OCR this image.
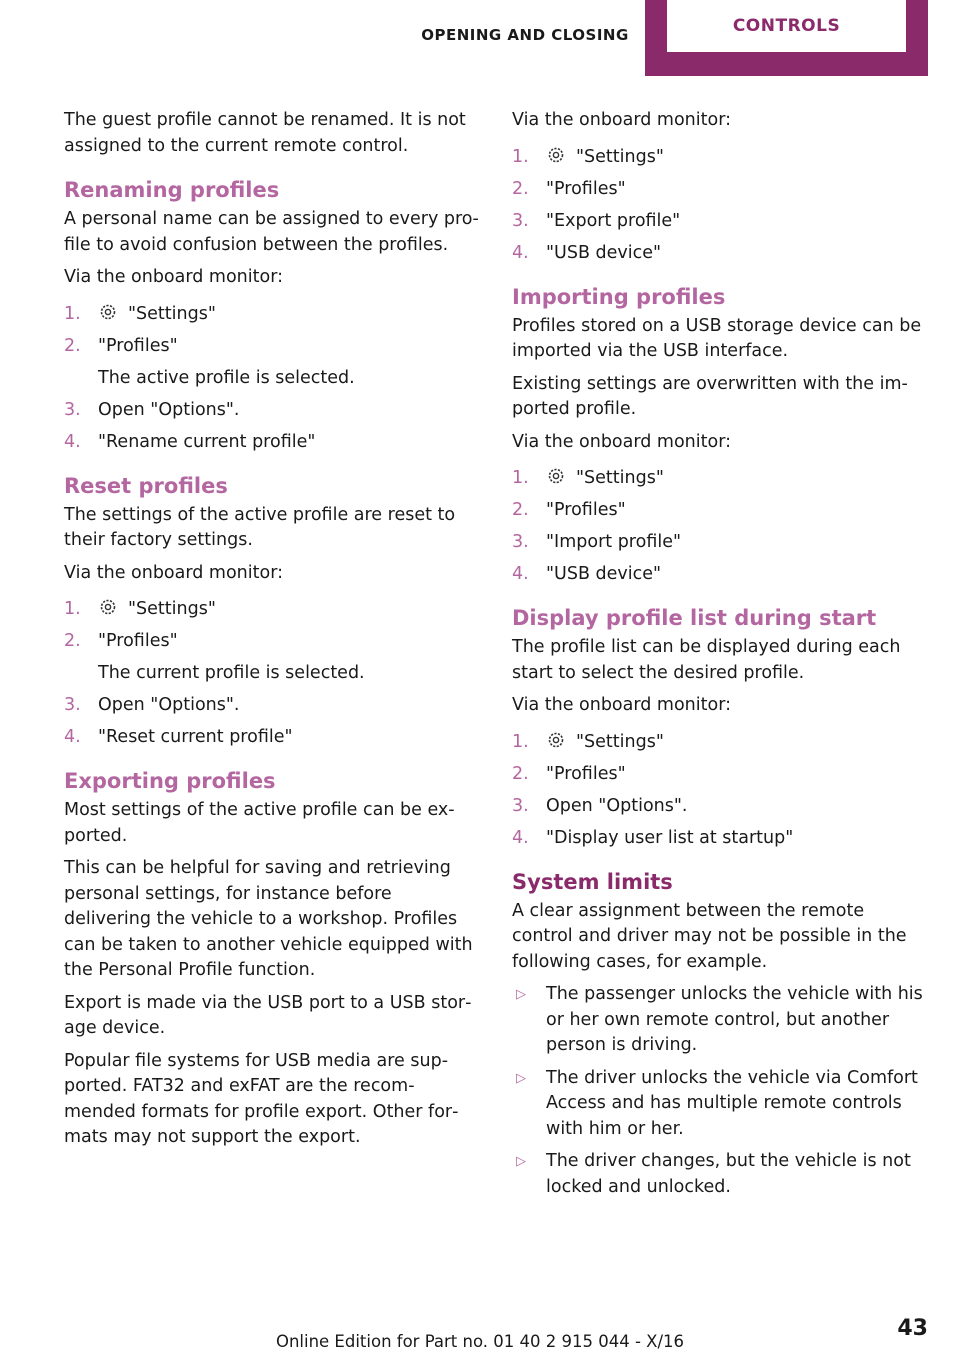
OPENING AND CLOSING	CONTROLS

The guest profile cannot be renamed. It is not assigned to the current remote control.

Renaming profiles

A personal name can be assigned to every pro‐file to avoid confusion between the profiles.

Via the onboard monitor:

1.	"Settings"
2. "Profiles"
The active profile is selected.
3. Open "Options".
4. "Rename current profile"
Reset profiles

The settings of the active profile are reset to their factory settings.

Via the onboard monitor:

1.	"Settings"
2. "Profiles"
The current profile is selected.
3. Open "Options".
4. "Reset current profile"
Exporting profiles

Most settings of the active profile can be ex‐ported.

This can be helpful for saving and retrieving personal settings, for instance before delivering the vehicle to a workshop. Profiles can be taken to another vehicle equipped with the Personal Profile function.

Export is made via the USB port to a USB stor‐age device.

Popular file systems for USB media are sup‐ported. FAT32 and exFAT are the recom‐mended formats for profile export. Other for‐mats may not support the export.

Via the onboard monitor:

1.	"Settings"
2. "Profiles"
3. "Export profile"
4. "USB device"
Importing profiles

Profiles stored on a USB storage device can be imported via the USB interface.

Existing settings are overwritten with the im‐ported profile.

Via the onboard monitor:

1.	"Settings"
2. "Profiles"
3. "Import profile"
4. "USB device"
Display profile list during start

The profile list can be displayed during each start to select the desired profile.

Via the onboard monitor:

1.	"Settings"
2. "Profiles"
3. Open "Options".
4. "Display user list at startup"
System limits

A clear assignment between the remote control and driver may not be possible in the following cases, for example.

▷ The passenger unlocks the vehicle with his or her own remote control, but another person is driving.
▷ The driver unlocks the vehicle via Comfort Access and has multiple remote controls with him or her.
▷ The driver changes, but the vehicle is not locked and unlocked.
Online Edition for Part no. 01 40 2 915 044 - X/16
43
